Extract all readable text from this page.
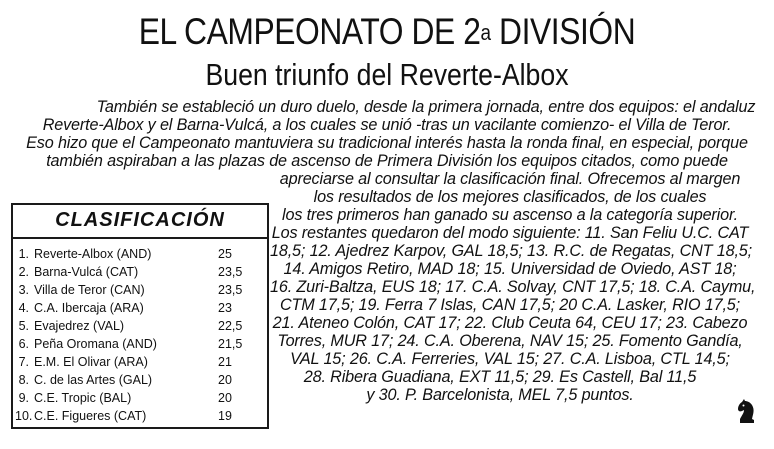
EL CAMPEONATO DE 2$^a$ DIVISIÓN
Buen triunfo del Reverte-Albox
También se estableció un duro duelo, desde la primera jornada, entre dos equipos: el andaluz
Reverte-Albox y el Barna-Vulcá, a los cuales se unió -tras un vacilante comienzo- el Villa de Teror.
Eso hizo que el Campeonato mantuviera su tradicional interés hasta la ronda final, en especial, porque
también aspiraban a las plazas de ascenso de Primera División los equipos citados, como puede
apreciarse al consultar la clasificación final. Ofrecemos al margen
los resultados de los mejores clasificados, de los cuales
los tres primeros han ganado su ascenso a la categoría superior.
Los restantes quedaron del modo siguiente: 11. San Feliu U.C. CAT
18,5; 12. Ajedrez Karpov, GAL 18,5; 13. R.C. de Regatas, CNT 18,5;
14. Amigos Retiro, MAD 18; 15. Universidad de Oviedo, AST 18;
16. Zuri-Baltza, EUS 18; 17. C.A. Solvay, CNT 17,5; 18. C.A. Caymu,
CTM 17,5; 19. Ferra 7 Islas, CAN 17,5; 20 C.A. Lasker, RIO 17,5;
21. Ateneo Colón, CAT 17; 22. Club Ceuta 64, CEU 17; 23. Cabezo
Torres, MUR 17; 24. C.A. Oberena, NAV 15; 25. Fomento Gandía,
VAL 15; 26. C.A. Ferreries, VAL 15; 27. C.A. Lisboa, CTL 14,5;
28. Ribera Guadiana, EXT 11,5; 29. Es Castell, Bal 11,5
y 30. P. Barcelonista, MEL 7,5 puntos.
CLASIFICACIÓN
1. Reverte-Albox (AND)	25
2. Barna-Vulcá (CAT)	23,5
3. Villa de Teror (CAN)	23,5
4. C.A. Ibercaja (ARA)	23
5. Evajedrez (VAL)	22,5
6. Peña Oromana (AND)	21,5
7. E.M. El Olivar (ARA)	21
8. C. de las Artes (GAL)	20
9. C.E. Tropic (BAL)	20
10. C.E. Figueres (CAT)	19
